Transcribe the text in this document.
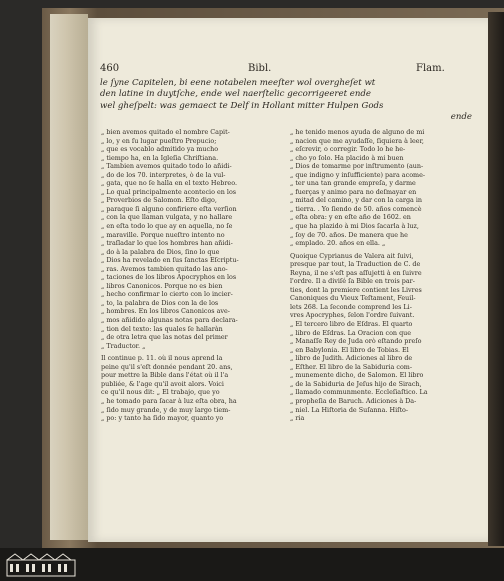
460	Bibl.	Flam.
le ſyne Capitelen, bi eene notabelen meeſter wol overgheſet wt
den latine in duytſche, ende wel naerſtelic gecorrigeeret ende
wel gheſpelt: was gemaect te Delf in Hollant mitter Hulpen Gods
ende
„ bien avemos quitado el nombre Capit-
„ lo, y en ſu lugar pueſtro Prepucio;
„ que es vocablo admitido ya mucho
„ tiempo ha, en la Igleſia Chriſtiana.
„ Tambien avemos quitado todo lo añidi-
„ do de los 70. interpretes, ò de la vul-
„ gata, que no ſe halla en el texto Hebreo.
„ Lo qual principalmente acontecio en los
„ Proverbios de Salomon. Eſto digo,
„ paraque ſi alguno confiriere eſta verſion
„ con la que llaman vulgata, y no hallare
„ en eſta todo lo que ay en aquella, no ſe
„ maraville. Porque nueſtro intento no
„ traſladar lo que los hombres han añidi-
„ do à la palabra de Dios, ſino lo que
„ Dios ha revelado en ſus ſanctas Eſcriptu-
„ ras. Avemos tambien quitado las ano-
„ taciones de los libros Apocryphos en los
„ libros Canonicos. Porque no es bien
„ hecho confirmar lo cierto con lo incier-
„ to, la palabra de Dios con la de los
„ hombres. En los libros Canonicos ave-
„ mos añidido algunas notas para declara-
„ tion del texto: las quales ſe hallaràn
„ de otra letra que las notas del primer
„ Traductor. „
Il continue p. 11. où il nous aprend la
peine qu'il s'eſt donnée pendant 20. ans,
pour mettre la Bible dans l'état où il l'a
publiée, & l'age qu'il avoit alors. Voici
ce qu'il nous dit: „ El trabajo, que yo
„ he tomado para ſacar à luz eſta obra, ha
„ ſido muy grande, y de muy largo tiem-
„ po: y tanto ha ſido mayor, quanto yo
„ he tenido menos ayuda de alguno de mi
„ nacion que me ayudaſſe, ſiquiera à leer,
„ eſcrevir, o corregir. Todo lo he he-
„ cho yo ſolo. Ha placido à mi buen
„ Dios de tomarme por inſtrumento (aun-
„ que indigno y inſufficiente) para acome-
„ ter una tan grande empreſa, y darme
„ fuerças y animo para no deſmayar en
„ mitad del camino, y dar con la carga in
„ tierra. . Yo ſiendo de 50. años comencè
„ eſta obra: y en eſte año de 1602. en
„ que ha plazido à mi Dios ſacarla à luz,
„ ſoy de 70. años. De manera que he
„ emplado. 20. años en ella. „
Quoique Cyprianus de Valera ait ſuivi,
presque par tout, la Traduction de C. de
Reyna, il ne s'eſt pas aſſujetti à en ſuivre
l'ordre. Il a diviſé ſa Bible en trois par-
ties, dont la premiere contient les Livres
Canoniques du Vieux Teſtament, Feuil-
lets 268. La ſeconde comprend les Li-
vres Apocryphes, ſelon l'ordre ſuivant.
„ El tercero libro de Eſdras. El quarto
„ libro de Eſdras. La Oracion con que
„ Manaſſe Rey de Juda orò eſtando preſo
„ en Babylonia. El libro de Tobias. El
„ libro de Judith. Adiciones al libro de
„ Eſther. El libro de la Sabiduria com-
„ munemente dicho, de Salomon. El libro
„ de la Sabiduria de Jeſus hijo de Sirach,
„ llamado communmente. Eccleſiaſtico. La
„ propheſia de Baruch. Adiciones à Da-
„ niel. La Hiſtoria de Suſanna. Hiſto-
„ ria
